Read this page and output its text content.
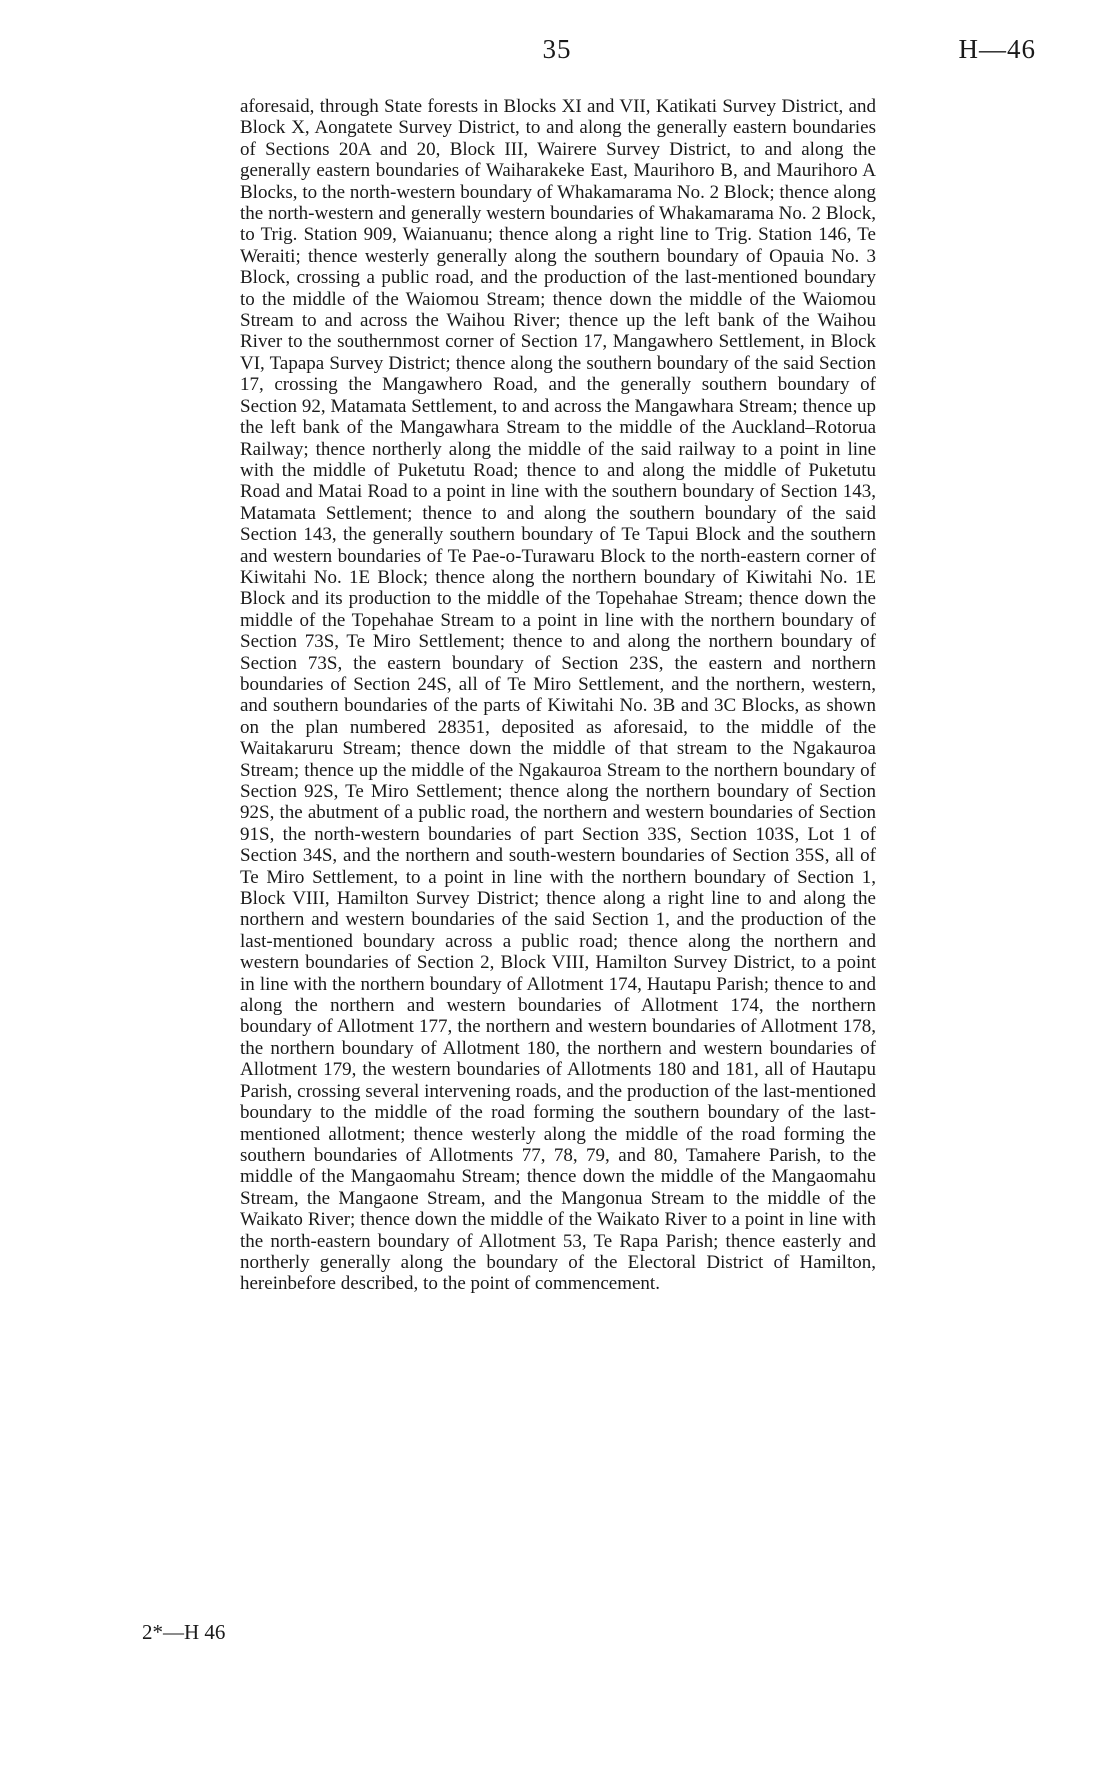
35	H—46

aforesaid, through State forests in Blocks XI and VII, Katikati Survey District, and Block X, Aongatete Survey District, to and along the generally eastern boundaries of Sections 20A and 20, Block III, Wairere Survey District, to and along the generally eastern boundaries of Waiharakeke East, Maurihoro B, and Maurihoro A Blocks, to the north-western boundary of Whakamarama No. 2 Block; thence along the north-western and generally western boundaries of Whakamarama No. 2 Block, to Trig. Station 909, Waianuanu; thence along a right line to Trig. Station 146, Te Weraiti; thence westerly generally along the southern boundary of Opauia No. 3 Block, crossing a public road, and the production of the last-mentioned boundary to the middle of the Waiomou Stream; thence down the middle of the Waiomou Stream to and across the Waihou River; thence up the left bank of the Waihou River to the southernmost corner of Section 17, Mangawhero Settlement, in Block VI, Tapapa Survey District; thence along the southern boundary of the said Section 17, crossing the Mangawhero Road, and the generally southern boundary of Section 92, Matamata Settlement, to and across the Mangawhara Stream; thence up the left bank of the Mangawhara Stream to the middle of the Auckland–Rotorua Railway; thence northerly along the middle of the said railway to a point in line with the middle of Puketutu Road; thence to and along the middle of Puketutu Road and Matai Road to a point in line with the southern boundary of Section 143, Matamata Settlement; thence to and along the southern boundary of the said Section 143, the generally southern boundary of Te Tapui Block and the southern and western boundaries of Te Pae-o-Turawaru Block to the north-eastern corner of Kiwitahi No. 1E Block; thence along the northern boundary of Kiwitahi No. 1E Block and its production to the middle of the Topehahae Stream; thence down the middle of the Topehahae Stream to a point in line with the northern boundary of Section 73S, Te Miro Settlement; thence to and along the northern boundary of Section 73S, the eastern boundary of Section 23S, the eastern and northern boundaries of Section 24S, all of Te Miro Settlement, and the northern, western, and southern boundaries of the parts of Kiwitahi No. 3B and 3C Blocks, as shown on the plan numbered 28351, deposited as aforesaid, to the middle of the Waitakaruru Stream; thence down the middle of that stream to the Ngakauroa Stream; thence up the middle of the Ngakauroa Stream to the northern boundary of Section 92S, Te Miro Settlement; thence along the northern boundary of Section 92S, the abutment of a public road, the northern and western boundaries of Section 91S, the north-western boundaries of part Section 33S, Section 103S, Lot 1 of Section 34S, and the northern and south-western boundaries of Section 35S, all of Te Miro Settlement, to a point in line with the northern boundary of Section 1, Block VIII, Hamilton Survey District; thence along a right line to and along the northern and western boundaries of the said Section 1, and the production of the last-mentioned boundary across a public road; thence along the northern and western boundaries of Section 2, Block VIII, Hamilton Survey District, to a point in line with the northern boundary of Allotment 174, Hautapu Parish; thence to and along the northern and western boundaries of Allotment 174, the northern boundary of Allotment 177, the northern and western boundaries of Allotment 178, the northern boundary of Allotment 180, the northern and western boundaries of Allotment 179, the western boundaries of Allotments 180 and 181, all of Hautapu Parish, crossing several intervening roads, and the production of the last-mentioned boundary to the middle of the road forming the southern boundary of the last-mentioned allotment; thence westerly along the middle of the road forming the southern boundaries of Allotments 77, 78, 79, and 80, Tamahere Parish, to the middle of the Mangaomahu Stream; thence down the middle of the Mangaomahu Stream, the Mangaone Stream, and the Mangonua Stream to the middle of the Waikato River; thence down the middle of the Waikato River to a point in line with the north-eastern boundary of Allotment 53, Te Rapa Parish; thence easterly and northerly generally along the boundary of the Electoral District of Hamilton, hereinbefore described, to the point of commencement.

2*—H 46
